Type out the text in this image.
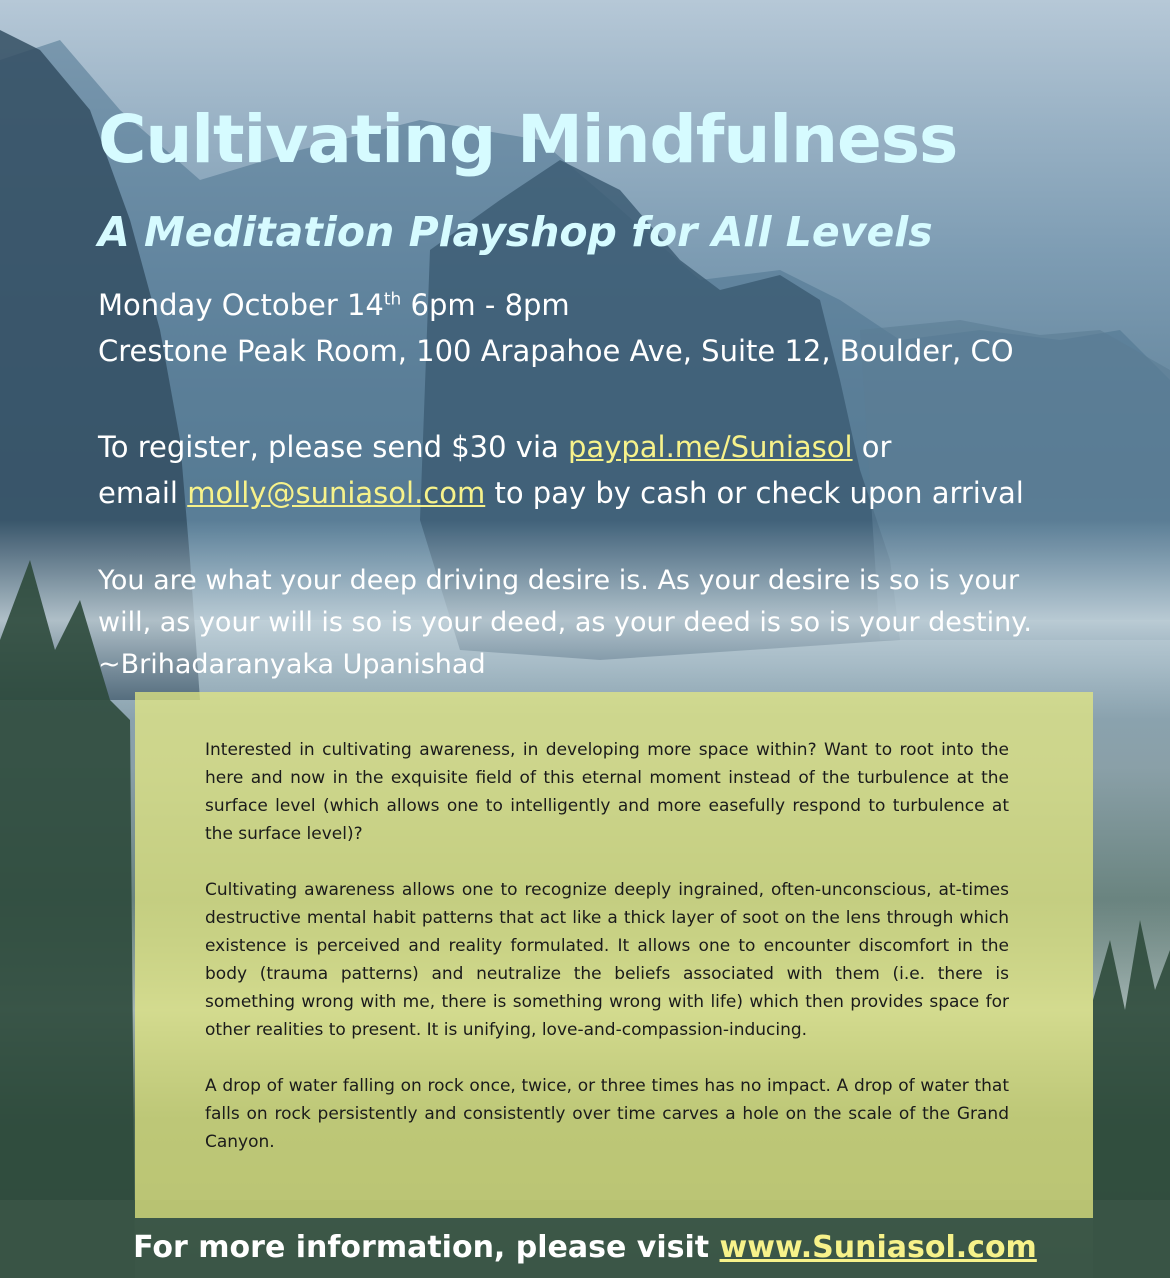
Cultivating Mindfulness
A Meditation Playshop for All Levels
Monday October 14th 6pm - 8pm
Crestone Peak Room, 100 Arapahoe Ave, Suite 12, Boulder, CO
To register, please send $30 via paypal.me/Suniasol or
email molly@suniasol.com to pay by cash or check upon arrival
You are what your deep driving desire is. As your desire is so is your
will, as your will is so is your deed, as your deed is so is your destiny.
~Brihadaranyaka Upanishad

Interested in cultivating awareness, in developing more space within? Want to root into the here and now in the exquisite field of this eternal moment instead of the turbulence at the surface level (which allows one to intelligently and more easefully respond to turbulence at the surface level)?

Cultivating awareness allows one to recognize deeply ingrained, often-unconscious, at-times destructive mental habit patterns that act like a thick layer of soot on the lens through which existence is perceived and reality formulated. It allows one to encounter discomfort in the body (trauma patterns) and neutralize the beliefs associated with them (i.e. there is something wrong with me, there is something wrong with life) which then provides space for other realities to present. It is unifying, love-and-compassion-inducing.

A drop of water falling on rock once, twice, or three times has no impact. A drop of water that falls on rock persistently and consistently over time carves a hole on the scale of the Grand Canyon.

For more information, please visit www.Suniasol.com
